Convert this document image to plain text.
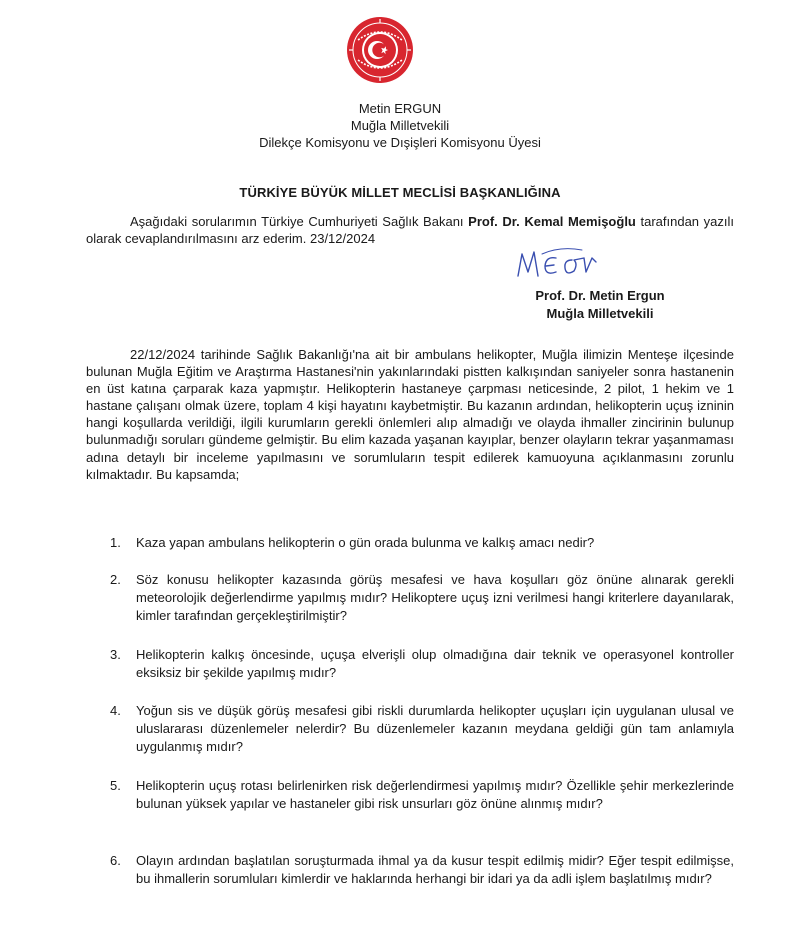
Metin ERGUN
Muğla Milletvekili
Dilekçe Komisyonu ve Dışişleri Komisyonu Üyesi
TÜRKİYE BÜYÜK MİLLET MECLİSİ BAŞKANLIĞINA
Aşağıdaki sorularımın Türkiye Cumhuriyeti Sağlık Bakanı Prof. Dr. Kemal Memişoğlu tarafından yazılı olarak cevaplandırılmasını arz ederim. 23/12/2024
Prof. Dr. Metin Ergun
Muğla Milletvekili
22/12/2024 tarihinde Sağlık Bakanlığı'na ait bir ambulans helikopter, Muğla ilimizin Menteşe ilçesinde bulunan Muğla Eğitim ve Araştırma Hastanesi'nin yakınlarındaki pistten kalkışından saniyeler sonra hastanenin en üst katına çarparak kaza yapmıştır. Helikopterin hastaneye çarpması neticesinde, 2 pilot, 1 hekim ve 1 hastane çalışanı olmak üzere, toplam 4 kişi hayatını kaybetmiştir. Bu kazanın ardından, helikopterin uçuş izninin hangi koşullarda verildiği, ilgili kurumların gerekli önlemleri alıp almadığı ve olayda ihmaller zincirinin bulunup bulunmadığı soruları gündeme gelmiştir. Bu elim kazada yaşanan kayıplar, benzer olayların tekrar yaşanmaması adına detaylı bir inceleme yapılmasını ve sorumluların tespit edilerek kamuoyuna açıklanmasını zorunlu kılmaktadır. Bu kapsamda;
1. Kaza yapan ambulans helikopterin o gün orada bulunma ve kalkış amacı nedir?
2. Söz konusu helikopter kazasında görüş mesafesi ve hava koşulları göz önüne alınarak gerekli meteorolojik değerlendirme yapılmış mıdır? Helikoptere uçuş izni verilmesi hangi kriterlere dayanılarak, kimler tarafından gerçekleştirilmiştir?
3. Helikopterin kalkış öncesinde, uçuşa elverişli olup olmadığına dair teknik ve operasyonel kontroller eksiksiz bir şekilde yapılmış mıdır?
4. Yoğun sis ve düşük görüş mesafesi gibi riskli durumlarda helikopter uçuşları için uygulanan ulusal ve uluslararası düzenlemeler nelerdir? Bu düzenlemeler kazanın meydana geldiği gün tam anlamıyla uygulanmış mıdır?
5. Helikopterin uçuş rotası belirlenirken risk değerlendirmesi yapılmış mıdır? Özellikle şehir merkezlerinde bulunan yüksek yapılar ve hastaneler gibi risk unsurları göz önüne alınmış mıdır?
6. Olayın ardından başlatılan soruşturmada ihmal ya da kusur tespit edilmiş midir? Eğer tespit edilmişse, bu ihmallerin sorumluları kimlerdir ve haklarında herhangi bir idari ya da adli işlem başlatılmış mıdır?
